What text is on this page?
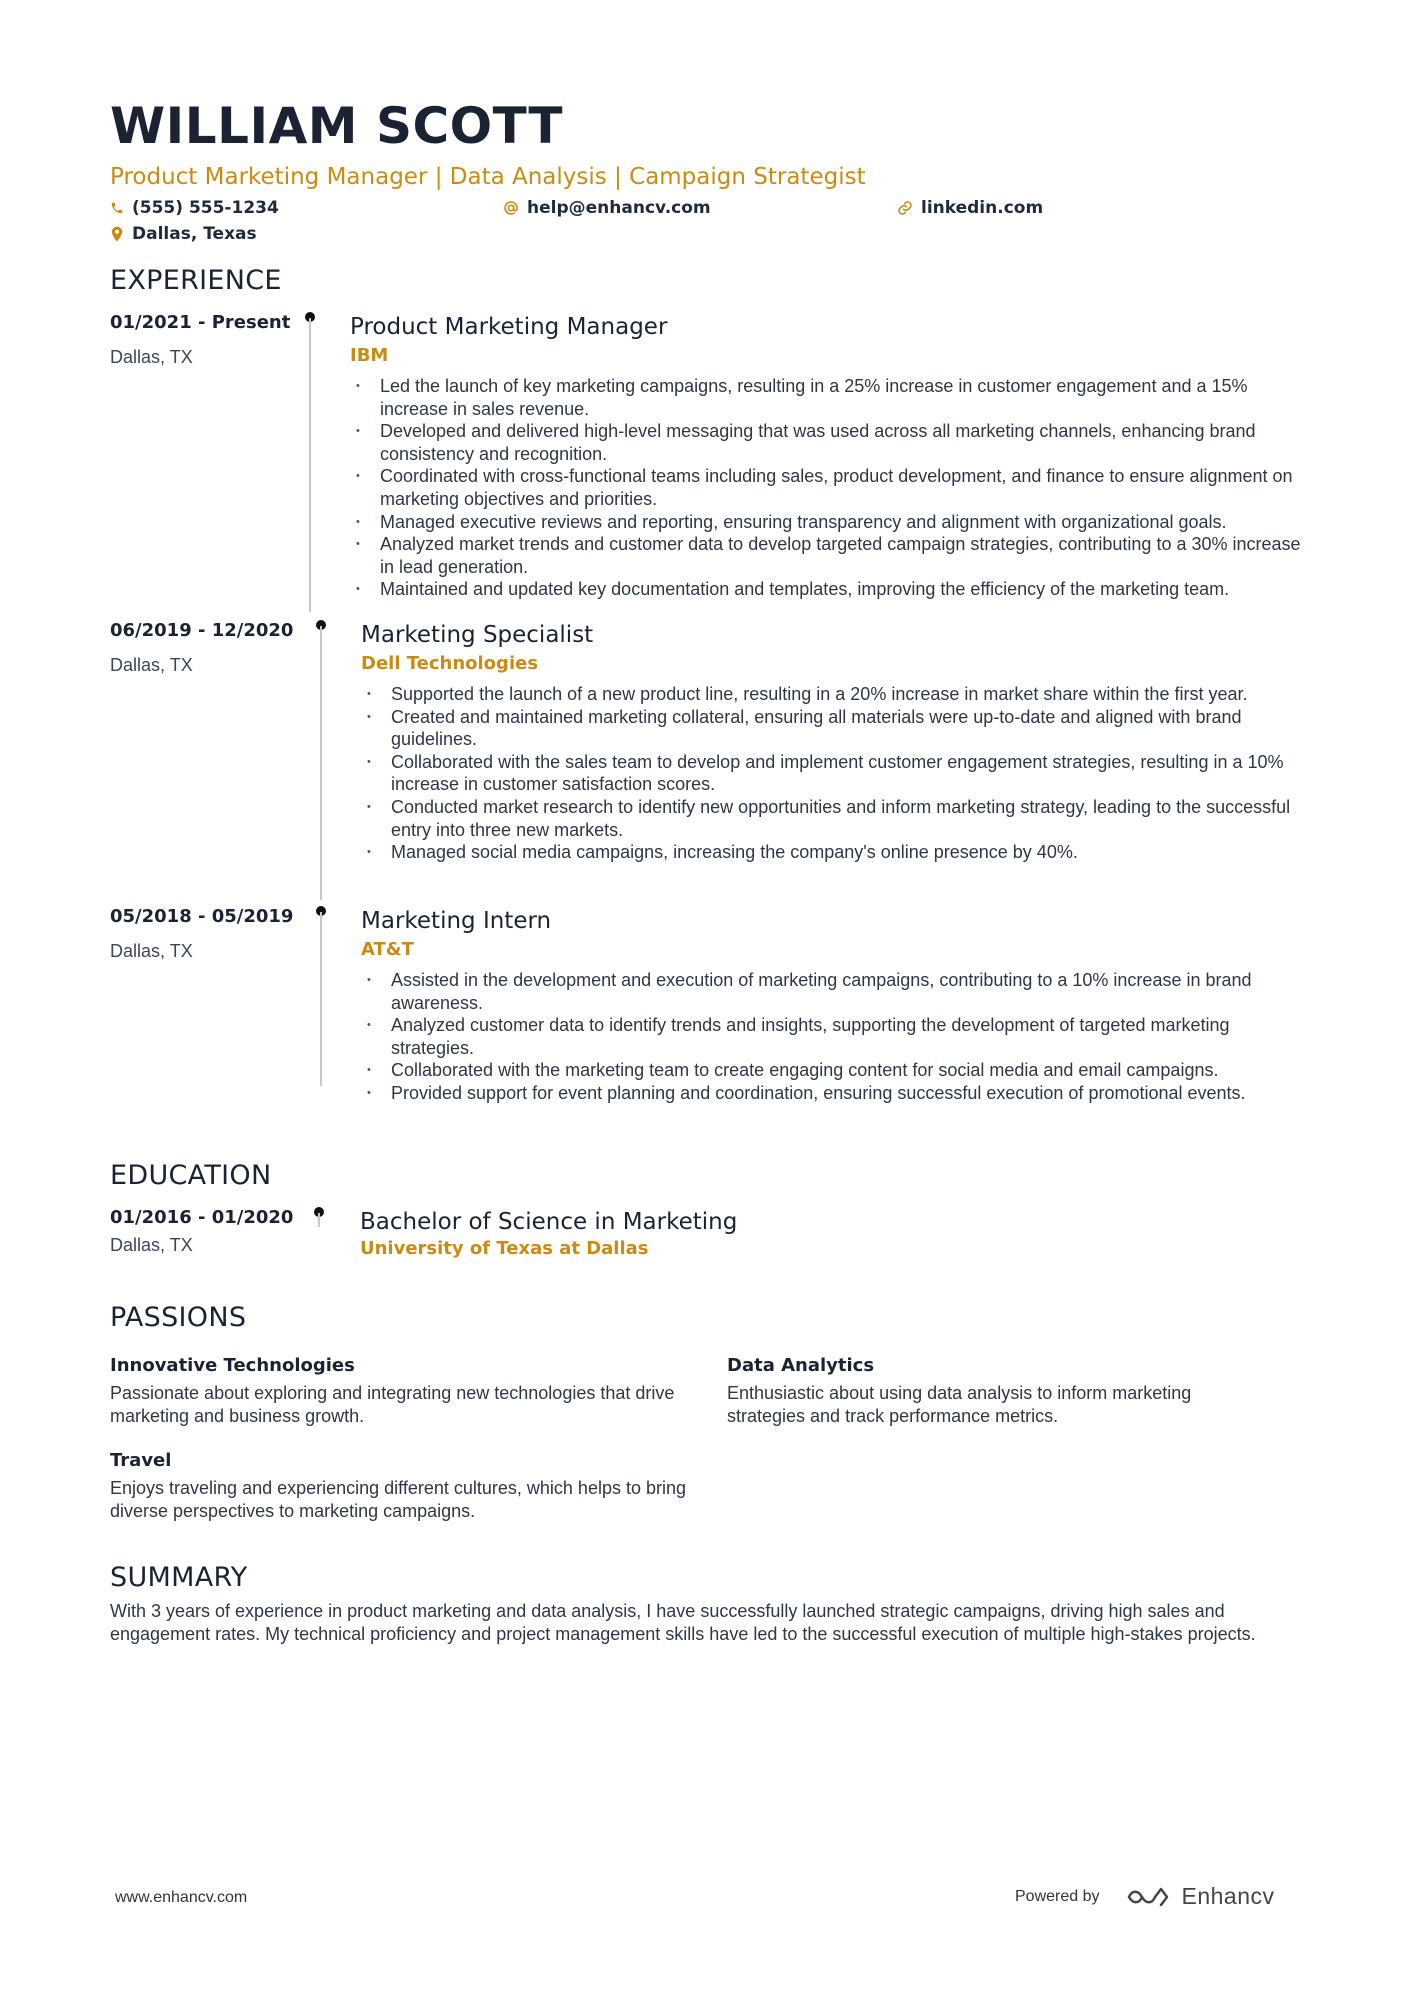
WILLIAM SCOTT
Product Marketing Manager | Data Analysis | Campaign Strategist
(555) 555-1234	help@enhancv.com	linkedin.com
Dallas, Texas
EXPERIENCE
01/2021 - Present
Dallas, TX
Product Marketing Manager
IBM
• Led the launch of key marketing campaigns, resulting in a 25% increase in customer engagement and a 15% increase in sales revenue.
• Developed and delivered high-level messaging that was used across all marketing channels, enhancing brand consistency and recognition.
• Coordinated with cross-functional teams including sales, product development, and finance to ensure alignment on marketing objectives and priorities.
• Managed executive reviews and reporting, ensuring transparency and alignment with organizational goals.
• Analyzed market trends and customer data to develop targeted campaign strategies, contributing to a 30% increase in lead generation.
• Maintained and updated key documentation and templates, improving the efficiency of the marketing team.
06/2019 - 12/2020
Dallas, TX
Marketing Specialist
Dell Technologies
• Supported the launch of a new product line, resulting in a 20% increase in market share within the first year.
• Created and maintained marketing collateral, ensuring all materials were up-to-date and aligned with brand guidelines.
• Collaborated with the sales team to develop and implement customer engagement strategies, resulting in a 10% increase in customer satisfaction scores.
• Conducted market research to identify new opportunities and inform marketing strategy, leading to the successful entry into three new markets.
• Managed social media campaigns, increasing the company's online presence by 40%.
05/2018 - 05/2019
Dallas, TX
Marketing Intern
AT&T
• Assisted in the development and execution of marketing campaigns, contributing to a 10% increase in brand awareness.
• Analyzed customer data to identify trends and insights, supporting the development of targeted marketing strategies.
• Collaborated with the marketing team to create engaging content for social media and email campaigns.
• Provided support for event planning and coordination, ensuring successful execution of promotional events.
EDUCATION
01/2016 - 01/2020
Dallas, TX
Bachelor of Science in Marketing
University of Texas at Dallas
PASSIONS
Innovative Technologies
Passionate about exploring and integrating new technologies that drive marketing and business growth.
Data Analytics
Enthusiastic about using data analysis to inform marketing strategies and track performance metrics.
Travel
Enjoys traveling and experiencing different cultures, which helps to bring diverse perspectives to marketing campaigns.
SUMMARY
With 3 years of experience in product marketing and data analysis, I have successfully launched strategic campaigns, driving high sales and engagement rates. My technical proficiency and project management skills have led to the successful execution of multiple high-stakes projects.
www.enhancv.com	Powered by	Enhancv
